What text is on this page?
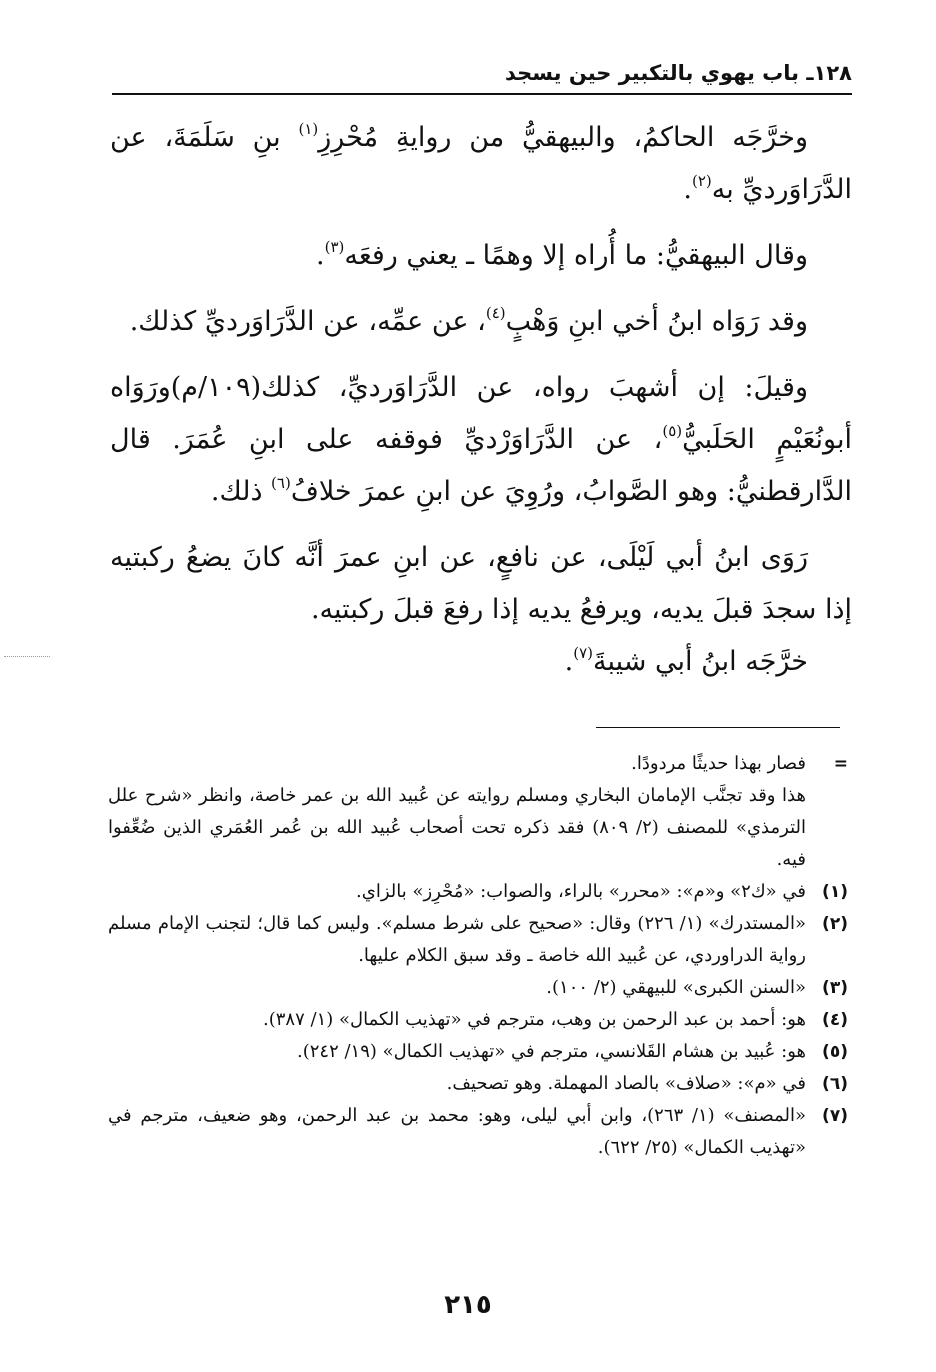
١٢٨ـ باب يهوي بالتكبير حين يسجد

وخرَّجَه الحاكمُ، والبيهقيُّ من روايةِ مُحْرِزِ$^{(١)}$ بنِ سَلَمَةَ، عن الدَّرَاوَرديِّ به$^{(٢)}$.

وقال البيهقيُّ: ما أُراه إلا وهمًا ـ يعني رفعَه$^{(٣)}$.

وقد رَوَاه ابنُ أخي ابنِ وَهْبٍ$^{(٤)}$، عن عمِّه، عن الدَّرَاوَرديِّ كذلك.

وقيلَ: إن أشهبَ رواه، عن الدَّرَاوَرديِّ، كذلك(١٠٩/م)ورَوَاه أبونُعَيْمٍ الحَلَبيُّ$^{(٥)}$، عن الدَّرَاوَرْديِّ فوقفه على ابنِ عُمَرَ. قال الدَّارقطنيُّ: وهو الصَّوابُ، ورُوِيَ عن ابنِ عمرَ خلافُ$^{(٦)}$ ذلك.

رَوَى ابنُ أبي لَيْلَى، عن نافعٍ، عن ابنِ عمرَ أنَّه كانَ يضعُ ركبتيه إذا سجدَ قبلَ يديه، ويرفعُ يديه إذا رفعَ قبلَ ركبتيه.

خرَّجَه ابنُ أبي شيبةَ$^{(٧)}$.

=
فصار بهذا حديثًا مردودًا.
هذا وقد تجنَّب الإمامان البخاري ومسلم روايته عن عُبيد الله بن عمر خاصة، وانظر «شرح علل الترمذي» للمصنف (٢/ ٨٠٩) فقد ذكره تحت أصحاب عُبيد الله بن عُمر العُمَري الذين ضُعِّفوا فيه.
(١)
في «ك٢» و«م»: «محرر» بالراء، والصواب: «مُحْرِز» بالزاي.
(٢)
«المستدرك» (١/ ٢٢٦) وقال: «صحيح على شرط مسلم». وليس كما قال؛ لتجنب الإمام مسلم رواية الدراوردي، عن عُبيد الله خاصة ـ وقد سبق الكلام عليها.
(٣)
«السنن الكبرى» للبيهقي (٢/ ١٠٠).
(٤)
هو: أحمد بن عبد الرحمن بن وهب، مترجم في «تهذيب الكمال» (١/ ٣٨٧).
(٥)
هو: عُبيد بن هشام القَلانسي، مترجم في «تهذيب الكمال» (١٩/ ٢٤٢).
(٦)
في «م»: «صلاف» بالصاد المهملة. وهو تصحيف.
(٧)
«المصنف» (١/ ٢٦٣)، وابن أبي ليلى، وهو: محمد بن عبد الرحمن، وهو ضعيف، مترجم في «تهذيب الكمال» (٢٥/ ٦٢٢).
٢١٥
